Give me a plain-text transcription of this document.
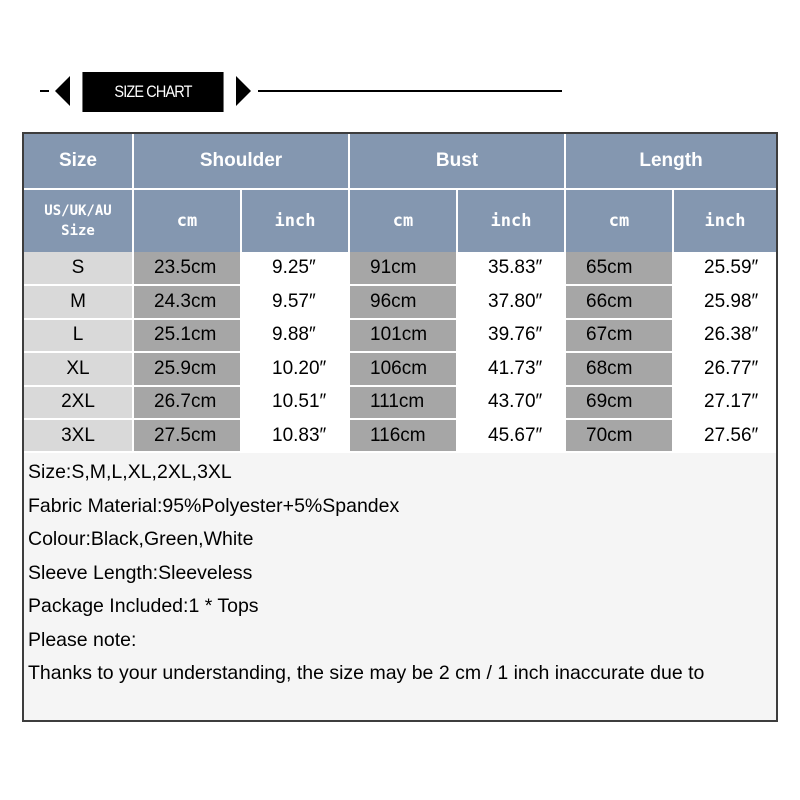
SIZE CHART
Size	Shoulder		Bust		Length	
US/UK/AU
Size	cm	inch	cm	inch	cm	inch
S	23.5cm	9.25″	91cm	35.83″	65cm	25.59″
M	24.3cm	9.57″	96cm	37.80″	66cm	25.98″
L	25.1cm	9.88″	101cm	39.76″	67cm	26.38″
XL	25.9cm	10.20″	106cm	41.73″	68cm	26.77″
2XL	26.7cm	10.51″	111cm	43.70″	69cm	27.17″
3XL	27.5cm	10.83″	116cm	45.67″	70cm	27.56″
Size:S,M,L,XL,2XL,3XL
Fabric Material:95%Polyester+5%Spandex
Colour:Black,Green,White
Sleeve Length:Sleeveless
Package Included:1 * Tops
Please note:
Thanks to your understanding, the size may be 2 cm / 1 inch inaccurate due to
